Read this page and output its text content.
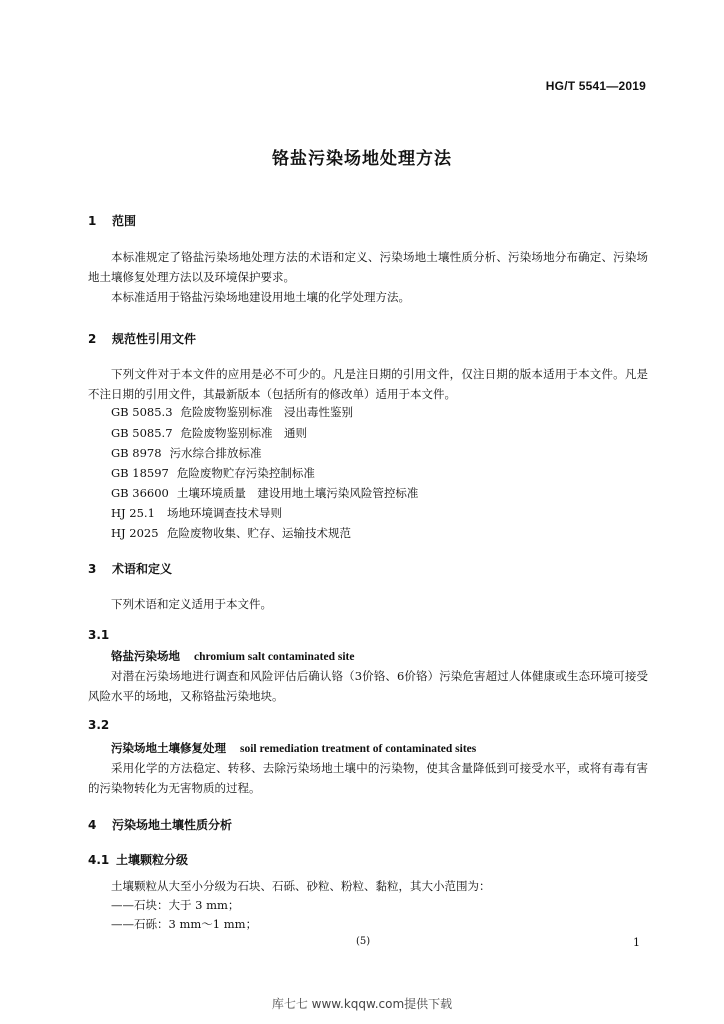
HG/T 5541—2019
铬盐污染场地处理方法
1 范围

本标准规定了铬盐污染场地处理方法的术语和定义、污染场地土壤性质分析、污染场地分布确定、污染场地土壤修复处理方法以及环境保护要求。

本标准适用于铬盐污染场地建设用地土壤的化学处理方法。

2 规范性引用文件

下列文件对于本文件的应用是必不可少的。凡是注日期的引用文件，仅注日期的版本适用于本文件。凡是不注日期的引用文件，其最新版本（包括所有的修改单）适用于本文件。

GB 5085.3 危险废物鉴别标准　浸出毒性鉴别
GB 5085.7 危险废物鉴别标准　通则
GB 8978 污水综合排放标准
GB 18597 危险废物贮存污染控制标准
GB 36600 土壤环境质量　建设用地土壤污染风险管控标准
HJ 25.1 场地环境调查技术导则
HJ 2025 危险废物收集、贮存、运输技术规范
3 术语和定义

下列术语和定义适用于本文件。

3.1
铬盐污染场地 chromium salt contaminated site

对潜在污染场地进行调查和风险评估后确认铬（3价铬、6价铬）污染危害超过人体健康或生态环境可接受风险水平的场地，又称铬盐污染地块。

3.2
污染场地土壤修复处理 soil remediation treatment of contaminated sites

采用化学的方法稳定、转移、去除污染场地土壤中的污染物，使其含量降低到可接受水平，或将有毒有害的污染物转化为无害物质的过程。

4 污染场地土壤性质分析
4.1 土壤颗粒分级

土壤颗粒从大至小分级为石块、石砾、砂粒、粉粒、黏粒，其大小范围为：

——石块：大于 3 mm；
——石砾：3 mm～1 mm；
(5)	1
库七七 www.kqqw.com提供下载
